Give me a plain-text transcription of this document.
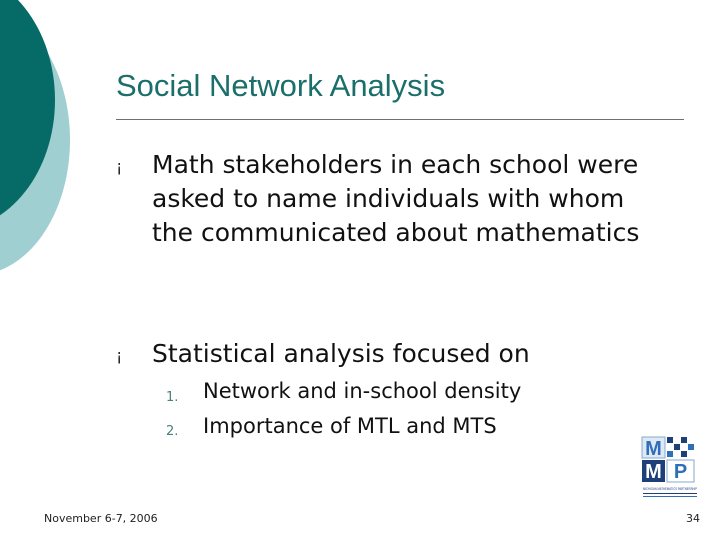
Social Network Analysis
¡ Math stakeholders in each school were asked to name individuals with whom the communicated about mathematics

¡ Statistical analysis focused on

1. Network and in-school density
2. Importance of MTL and MTS
M
M P
MICHIGAN MATHEMATICS PARTNERSHIP
November 6-7, 2006	34
